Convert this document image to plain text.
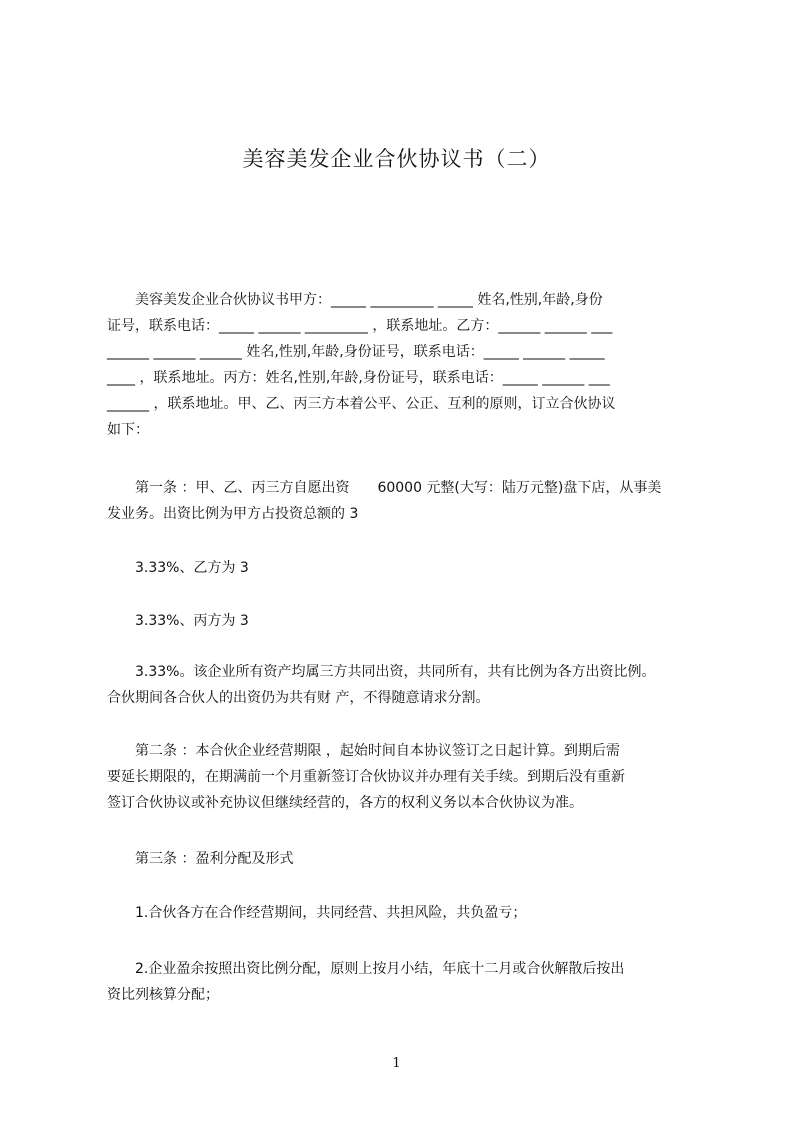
美容美发企业合伙协议书（二）
　　美容美发企业合伙协议书甲方：_____ _________ _____ 姓名,性别,年龄,身份
证号，联系电话：_____ ______ _________ ，联系地址。乙方：______ ______ ___
______ ______ ______ 姓名,性别,年龄,身份证号，联系电话：_____ ______ _____
____ ，联系地址。丙方：姓名,性别,年龄,身份证号，联系电话：_____ ______ ___
______ ，联系地址。甲、乙、丙三方本着公平、公正、互利的原则，订立合伙协议
如下：
　　第一条 ：甲、乙、丙三方自愿出资　　60000 元整(大写：陆万元整)盘下店，从事美
发业务。出资比例为甲方占投资总额的 3
　　3.33%、乙方为 3
　　3.33%、丙方为 3
　　3.33%。该企业所有资产均属三方共同出资，共同所有，共有比例为各方出资比例。
合伙期间各合伙人的出资仍为共有财 产，不得随意请求分割。
　　第二条 ：本合伙企业经营期限 ，起始时间自本协议签订之日起计算。到期后需
要延长期限的，在期满前一个月重新签订合伙协议并办理有关手续。到期后没有重新
签订合伙协议或补充协议但继续经营的，各方的权利义务以本合伙协议为准。
　　第三条 ：盈利分配及形式
　　1.合伙各方在合作经营期间，共同经营、共担风险，共负盈亏；
　　2.企业盈余按照出资比例分配，原则上按月小结，年底十二月或合伙解散后按出
资比列核算分配；
1
